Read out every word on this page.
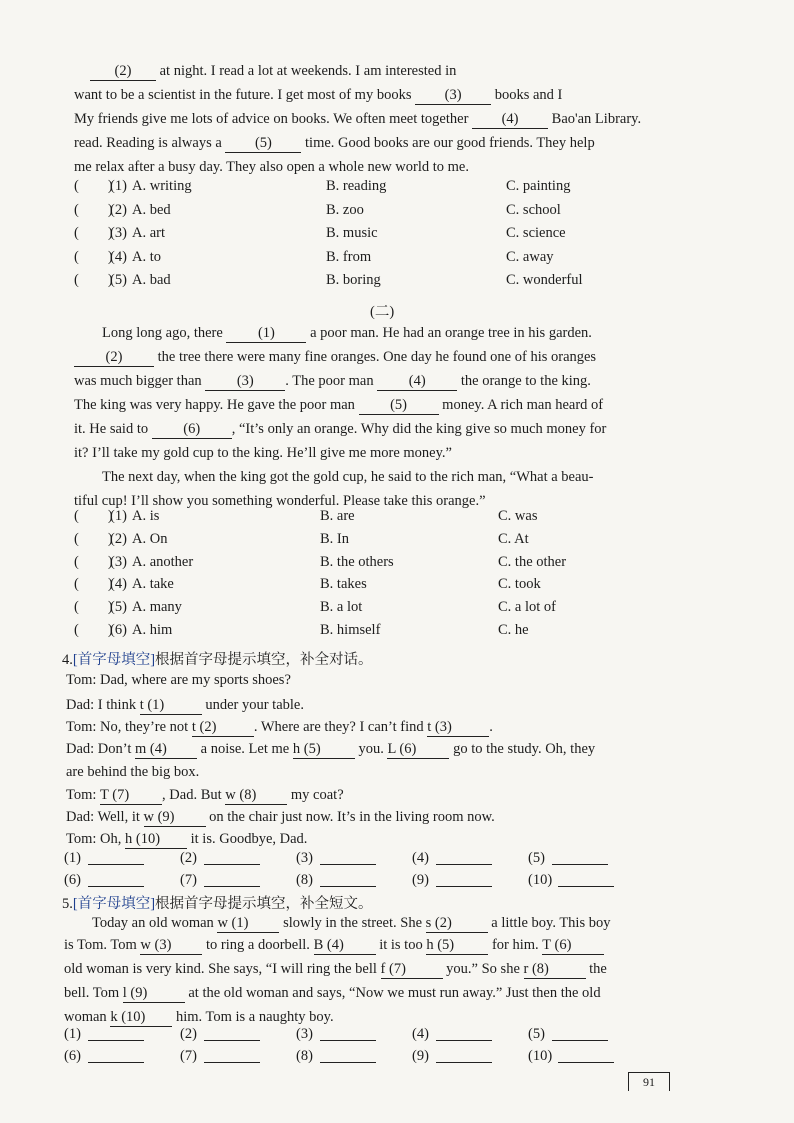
(2) at night. I read a lot at weekends. I am interested in
want to be a scientist in the future. I get most of my books (3) books and I
My friends give me lots of advice on books. We often meet together (4) Bao'an Library.
read. Reading is always a (5) time. Good books are our good friends. They help
me relax after a busy day. They also open a whole new world to me.
(  )
(1) A. writing	B. reading	C. painting
(  )
(2) A. bed	B. zoo	C. school
(  )
(3) A. art	B. music	C. science
(  )
(4) A. to	B. from	C. away
(  )
(5) A. bad	B. boring	C. wonderful
(二)
Long long ago, there (1) a poor man. He had an orange tree in his garden.
(2) the tree there were many fine oranges. One day he found one of his oranges
was much bigger than (3) . The poor man (4) the orange to the king.
The king was very happy. He gave the poor man (5) money. A rich man heard of
it. He said to (6) , “It’s only an orange. Why did the king give so much money for
it? I’ll take my gold cup to the king. He’ll give me more money.”
The next day, when the king got the gold cup, he said to the rich man, “What a beau-
tiful cup! I’ll show you something wonderful. Please take this orange.”
(  )
(1) A. is	B. are	C. was
(  )
(2) A. On	B. In	C. At
(  )
(3) A. another	B. the others	C. the other
(  )
(4) A. take	B. takes	C. took
(  )
(5) A. many	B. a lot	C. a lot of
(  )
(6) A. him	B. himself	C. he
4.[首字母填空]根据首字母提示填空，补全对话。
Tom: Dad, where are my sports shoes?
Dad: I think t (1)	under your table.
Tom: No, they’re not t (2)	. Where are they? I can’t find t (3)	.
Dad: Don’t m (4) a noise. Let me h (5) you. L (6) go to the study. Oh, they
are behind the big box.
Tom: T (7) , Dad. But w (8) my coat?
Dad: Well, it w (9) on the chair just now. It’s in the living room now.
Tom: Oh, h (10) it is. Goodbye, Dad.
(1)	(2)	(3)	(4)	(5)
(6)	(7)	(8)	(9)	(10)
5.[首字母填空]根据首字母提示填空，补全短文。
Today an old woman w (1) slowly in the street. She s (2) a little boy. This boy
is Tom. Tom w (3) to ring a doorbell. B (4) it is too h (5) for him. T (6)
old woman is very kind. She says, “I will ring the bell f (7)	you.” So she r (8)	the
bell. Tom l (9)	at the old woman and says, “Now we must run away.” Just then the old
woman k (10) him. Tom is a naughty boy.
(1)	(2)	(3)	(4)	(5)
(6)	(7)	(8)	(9)	(10)
91
